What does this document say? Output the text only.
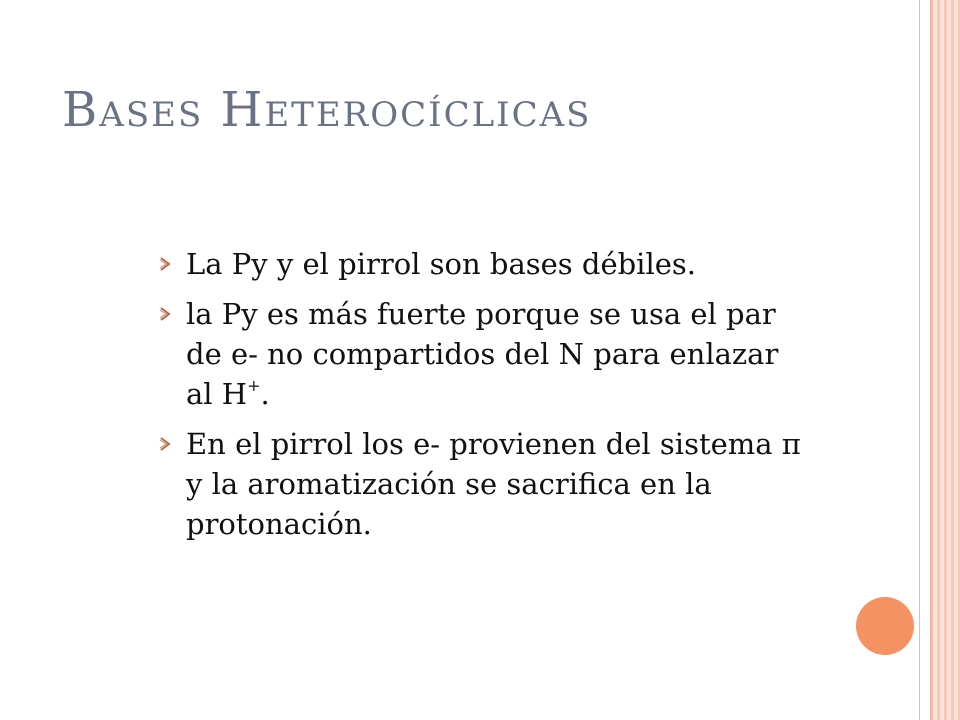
Bases Heterocíclicas
La Py y el pirrol son bases débiles.
la Py es más fuerte porque se usa el par de e- no compartidos del N para enlazar al H+.
En el pirrol los e- provienen del sistema π y la aromatización se sacrifica en la protonación.
